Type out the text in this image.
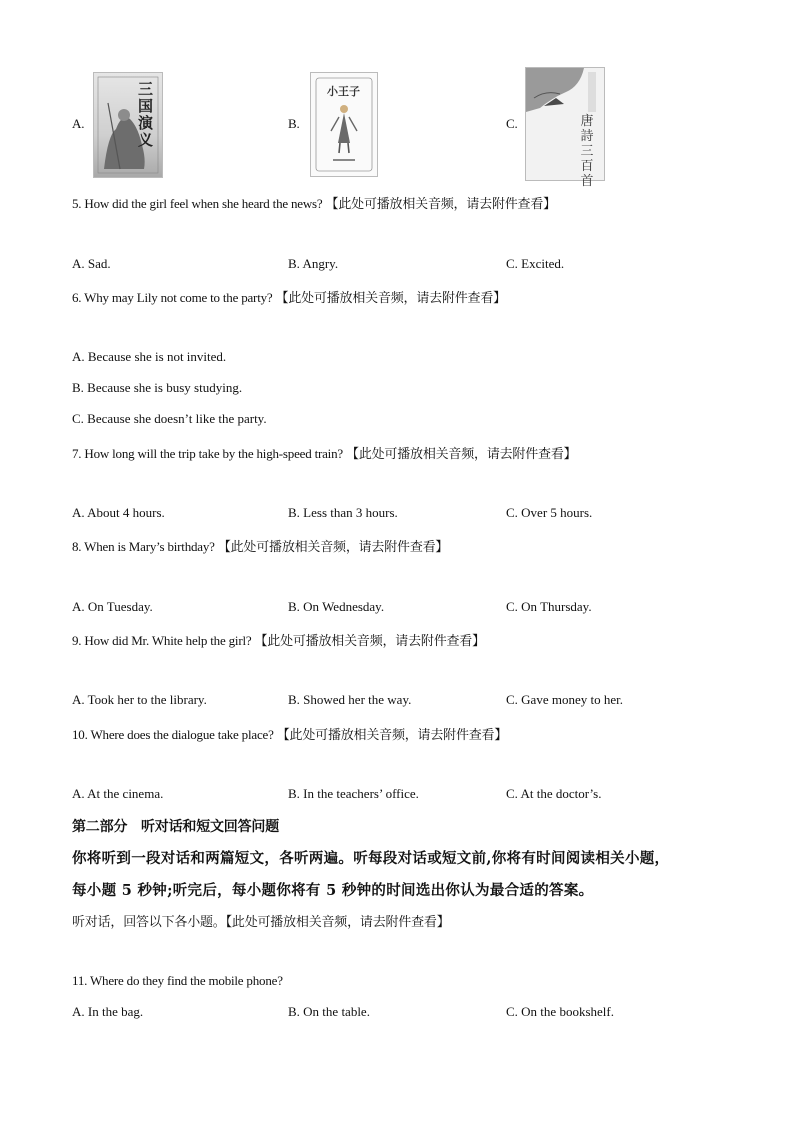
A.
三国演义
B.
小王子
C.	唐詩三百首
5. How did the girl feel when she heard the news? 【此处可播放相关音频，请去附件查看】
A. Sad.	B. Angry.	C. Excited.
6. Why may Lily not come to the party? 【此处可播放相关音频，请去附件查看】
A. Because she is not invited.
B. Because she is busy studying.
C. Because she doesn’t like the party.
7. How long will the trip take by the high-speed train? 【此处可播放相关音频，请去附件查看】
A. About 4 hours.	B. Less than 3 hours.	C. Over 5 hours.
8. When is Mary’s birthday? 【此处可播放相关音频，请去附件查看】
A. On Tuesday.	B. On Wednesday.	C. On Thursday.
9. How did Mr. White help the girl? 【此处可播放相关音频，请去附件查看】
A. Took her to the library.	B. Showed her the way.	C. Gave money to her.
10. Where does the dialogue take place? 【此处可播放相关音频，请去附件查看】
A. At the cinema.	B. In the teachers’ office.	C. At the doctor’s.
第二部分　听对话和短文回答问题
你将听到一段对话和两篇短文，各听两遍。听每段对话或短文前,你将有时间阅读相关小题，
每小题 5 秒钟;听完后，每小题你将有 5 秒钟的时间选出你认为最合适的答案。
听对话，回答以下各小题。【此处可播放相关音频，请去附件查看】
11. Where do they find the mobile phone?
A. In the bag.	B. On the table.	C. On the bookshelf.
